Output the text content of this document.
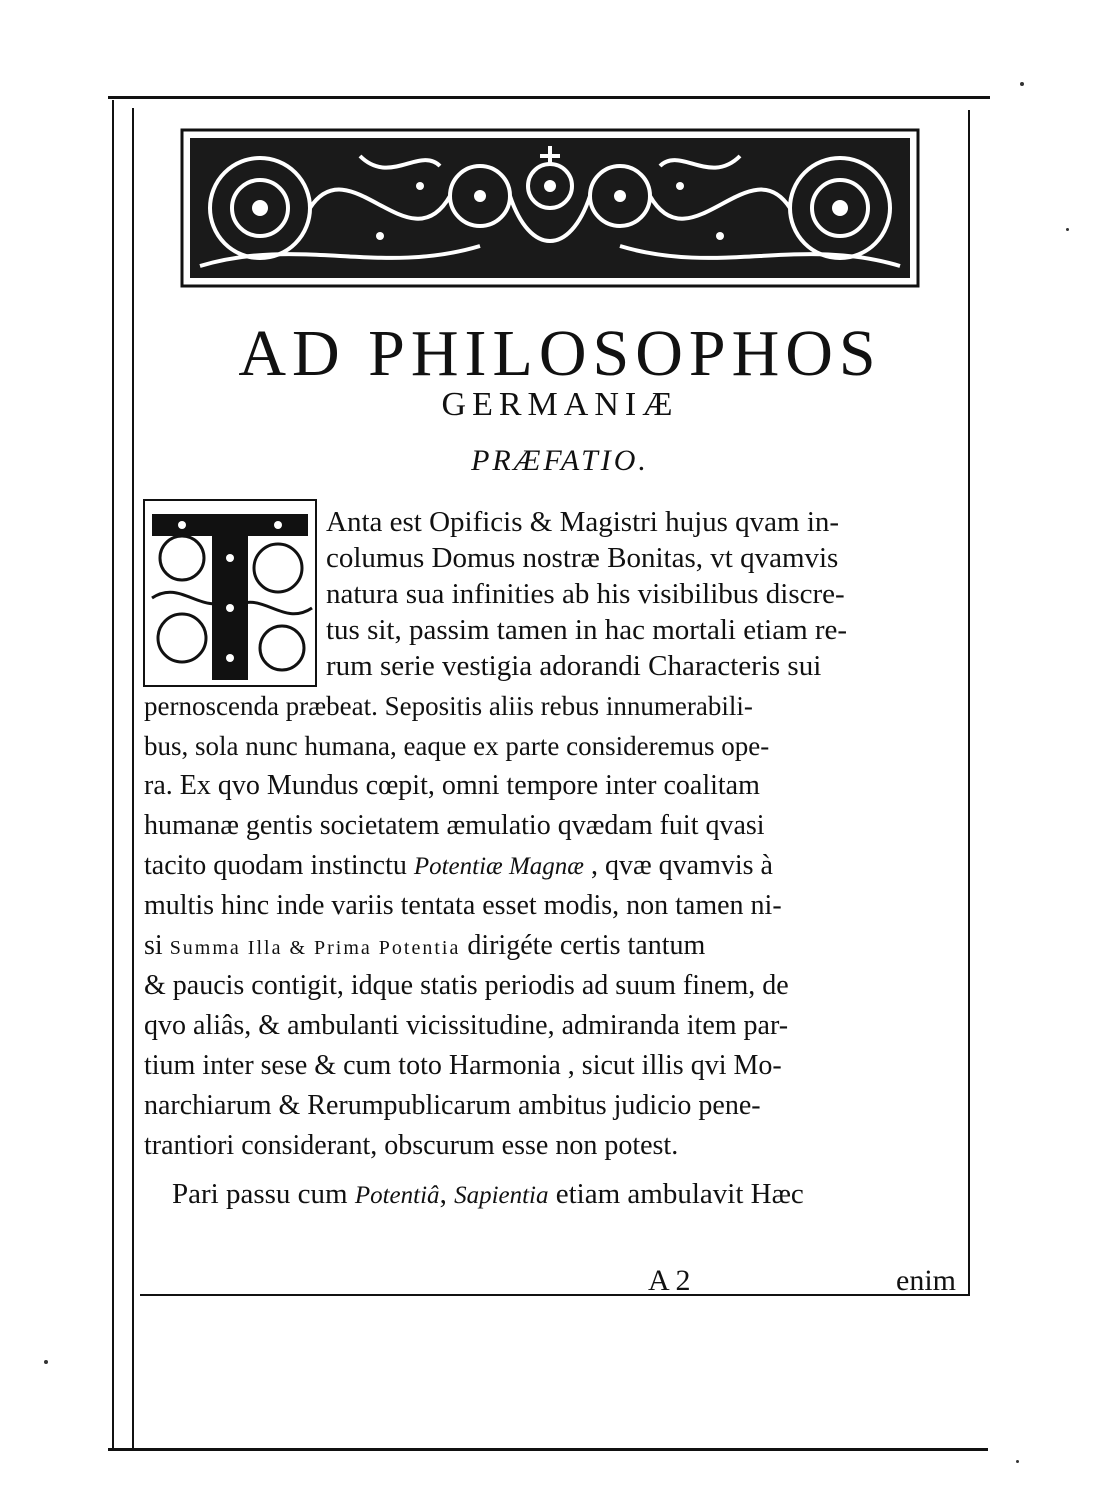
AD PHILOSOPHOS
GERMANIÆ
PRÆFATIO.
Anta est Opificis & Magistri hujus qvam in-
columus Domus nostræ Bonitas, vt qvamvis
natura sua infinities ab his visibilibus discre-
tus sit, passim tamen in hac mortali etiam re-
rum serie vestigia adorandi Characteris sui
pernoscenda præbeat. Sepositis aliis rebus innumerabili-
bus, sola nunc humana, eaque ex parte consideremus ope-
ra. Ex qvo Mundus cœpit, omni tempore inter coalitam
humanæ gentis societatem æmulatio qvædam fuit qvasi
tacito quodam instinctu Potentiæ Magnæ , qvæ qvamvis à
multis hinc inde variis tentata esset modis, non tamen ni-
si Summa Illa & Prima Potentia dirigéte certis tantum
& paucis contigit, idque statis periodis ad suum finem, de
qvo aliâs, & ambulanti vicissitudine, admiranda item par-
tium inter sese & cum toto Harmonia , sicut illis qvi Mo-
narchiarum & Rerumpublicarum ambitus judicio pene-
trantiori considerant, obscurum esse non potest.
Pari passu cum Potentiâ, Sapientia etiam ambulavit Hæc
A 2	enim
